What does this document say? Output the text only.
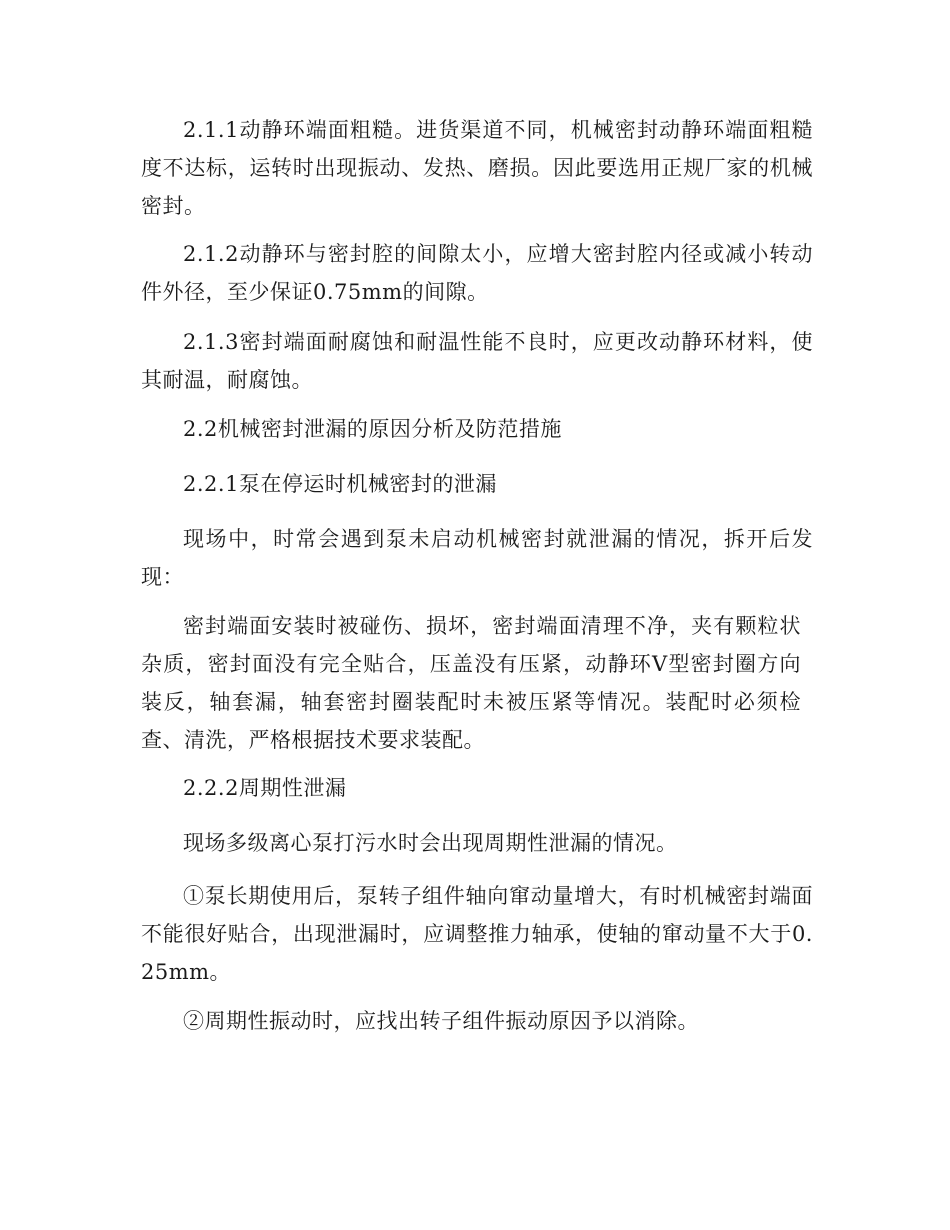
2.1.1动静环端面粗糙。进货渠道不同，机械密封动静环端面粗糙度不达标，运转时出现振动、发热、磨损。因此要选用正规厂家的机械密封。

2.1.2动静环与密封腔的间隙太小，应增大密封腔内径或减小转动件外径，至少保证0.75mm的间隙。

2.1.3密封端面耐腐蚀和耐温性能不良时，应更改动静环材料，使其耐温，耐腐蚀。

2.2机械密封泄漏的原因分析及防范措施

2.2.1泵在停运时机械密封的泄漏

现场中，时常会遇到泵未启动机械密封就泄漏的情况，拆开后发现：

密封端面安装时被碰伤、损坏，密封端面清理不净，夹有颗粒状杂质，密封面没有完全贴合，压盖没有压紧，动静环V型密封圈方向装反，轴套漏，轴套密封圈装配时未被压紧等情况。装配时必须检查、清洗，严格根据技术要求装配。

2.2.2周期性泄漏

现场多级离心泵打污水时会出现周期性泄漏的情况。

①泵长期使用后，泵转子组件轴向窜动量增大，有时机械密封端面不能很好贴合，出现泄漏时，应调整推力轴承，使轴的窜动量不大于0.25mm。

②周期性振动时，应找出转子组件振动原因予以消除。
